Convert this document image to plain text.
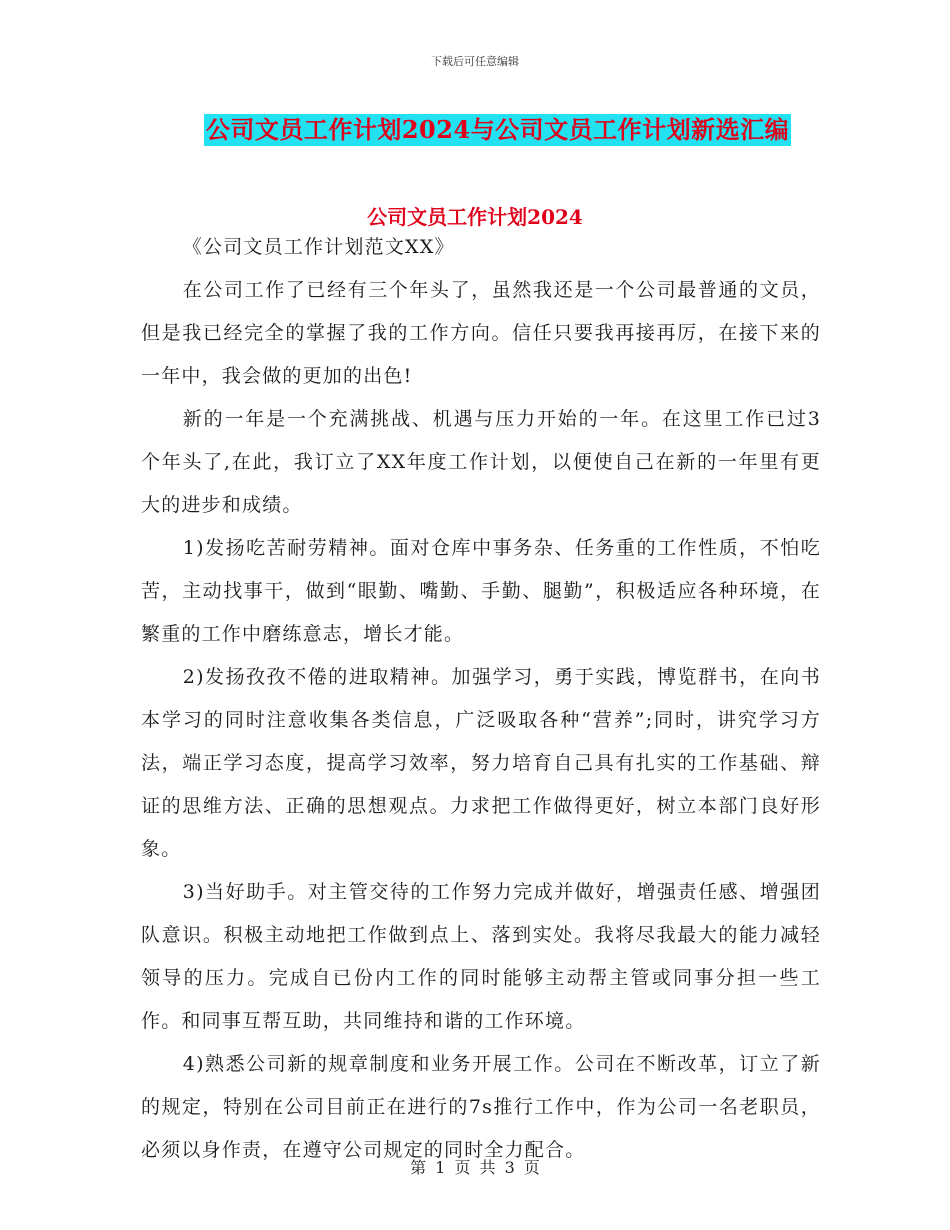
下载后可任意编辑
公司文员工作计划2024与公司文员工作计划新选汇编
公司文员工作计划2024

《公司文员工作计划范文XX》

在公司工作了已经有三个年头了，虽然我还是一个公司最普通的文员，但是我已经完全的掌握了我的工作方向。信任只要我再接再厉，在接下来的一年中，我会做的更加的出色!

新的一年是一个充满挑战、机遇与压力开始的一年。在这里工作已过3个年头了,在此，我订立了XX年度工作计划，以便使自己在新的一年里有更大的进步和成绩。

1)发扬吃苦耐劳精神。面对仓库中事务杂、任务重的工作性质，不怕吃苦，主动找事干，做到“眼勤、嘴勤、手勤、腿勤”，积极适应各种环境，在繁重的工作中磨练意志，增长才能。

2)发扬孜孜不倦的进取精神。加强学习，勇于实践，博览群书，在向书本学习的同时注意收集各类信息，广泛吸取各种“营养”;同时，讲究学习方法，端正学习态度，提高学习效率，努力培育自己具有扎实的工作基础、辩证的思维方法、正确的思想观点。力求把工作做得更好，树立本部门良好形象。

3)当好助手。对主管交待的工作努力完成并做好，增强责任感、增强团队意识。积极主动地把工作做到点上、落到实处。我将尽我最大的能力减轻领导的压力。完成自已份内工作的同时能够主动帮主管或同事分担一些工作。和同事互帮互助，共同维持和谐的工作环境。

4)熟悉公司新的规章制度和业务开展工作。公司在不断改革，订立了新的规定，特别在公司目前正在进行的7s推行工作中，作为公司一名老职员，必须以身作责，在遵守公司规定的同时全力配合。

第 1 页 共 3 页
